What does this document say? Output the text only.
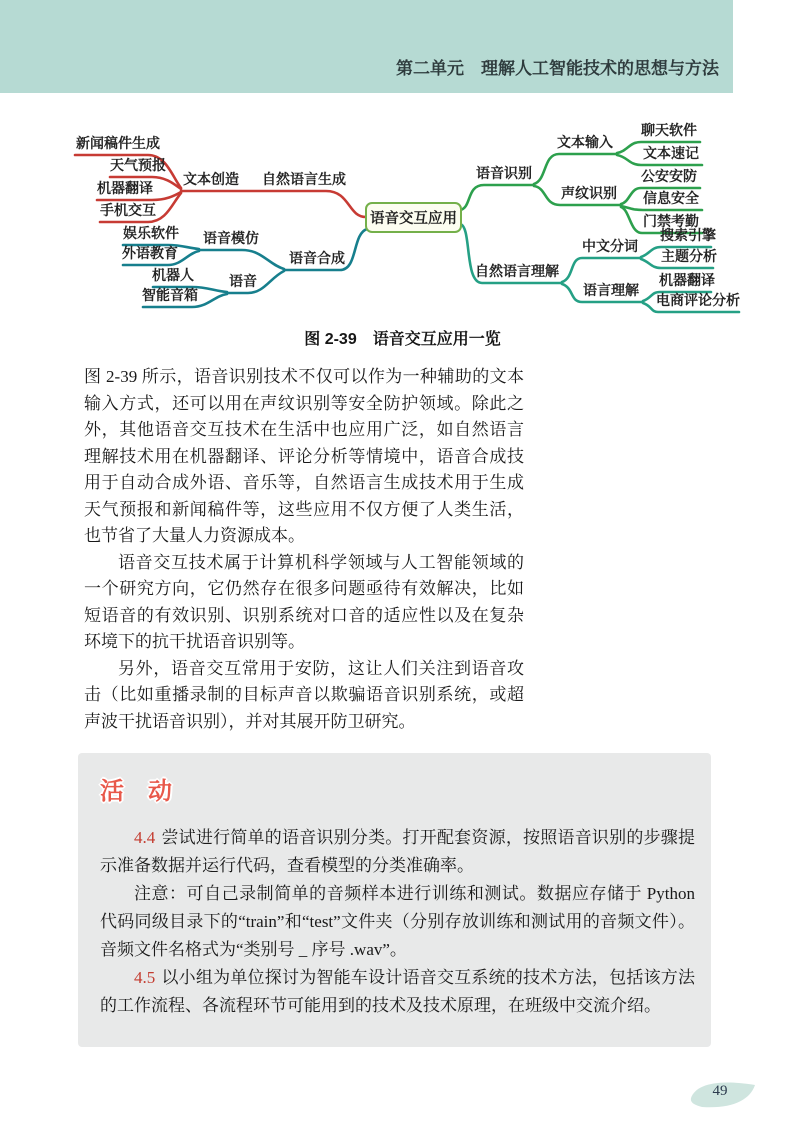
第二单元　理解人工智能技术的思想与方法
语音交互应用
新闻稿件生成
天气预报
机器翻译
手机交互
文本创造 自然语言生成
娱乐软件
外语教育
语音模仿
机器人
智能音箱
语音
语音合成
语音识别
文本输入
聊天软件
文本速记
声纹识别
公安安防
信息安全
门禁考勤
自然语言理解
中文分词
搜索引擎
主题分析
语言理解
机器翻译
电商评论分析
图 2-39　语音交互应用一览

图 2-39 所示，语音识别技术不仅可以作为一种辅助的文本输入方式，还可以用在声纹识别等安全防护领域。除此之外，其他语音交互技术在生活中也应用广泛，如自然语言理解技术用在机器翻译、评论分析等情境中，语音合成技用于自动合成外语、音乐等，自然语言生成技术用于生成天气预报和新闻稿件等，这些应用不仅方便了人类生活，也节省了大量人力资源成本。

语音交互技术属于计算机科学领域与人工智能领域的一个研究方向，它仍然存在很多问题亟待有效解决，比如短语音的有效识别、识别系统对口音的适应性以及在复杂环境下的抗干扰语音识别等。

另外，语音交互常用于安防，这让人们关注到语音攻击（比如重播录制的目标声音以欺骗语音识别系统，或超声波干扰语音识别），并对其展开防卫研究。

活　动

4.4 尝试进行简单的语音识别分类。打开配套资源，按照语音识别的步骤提示准备数据并运行代码，查看模型的分类准确率。

注意：可自己录制简单的音频样本进行训练和测试。数据应存储于 Python 代码同级目录下的“train”和“test”文件夹（分别存放训练和测试用的音频文件）。音频文件名格式为“类别号 _ 序号 .wav”。

4.5 以小组为单位探讨为智能车设计语音交互系统的技术方法，包括该方法的工作流程、各流程环节可能用到的技术及技术原理，在班级中交流介绍。

49
